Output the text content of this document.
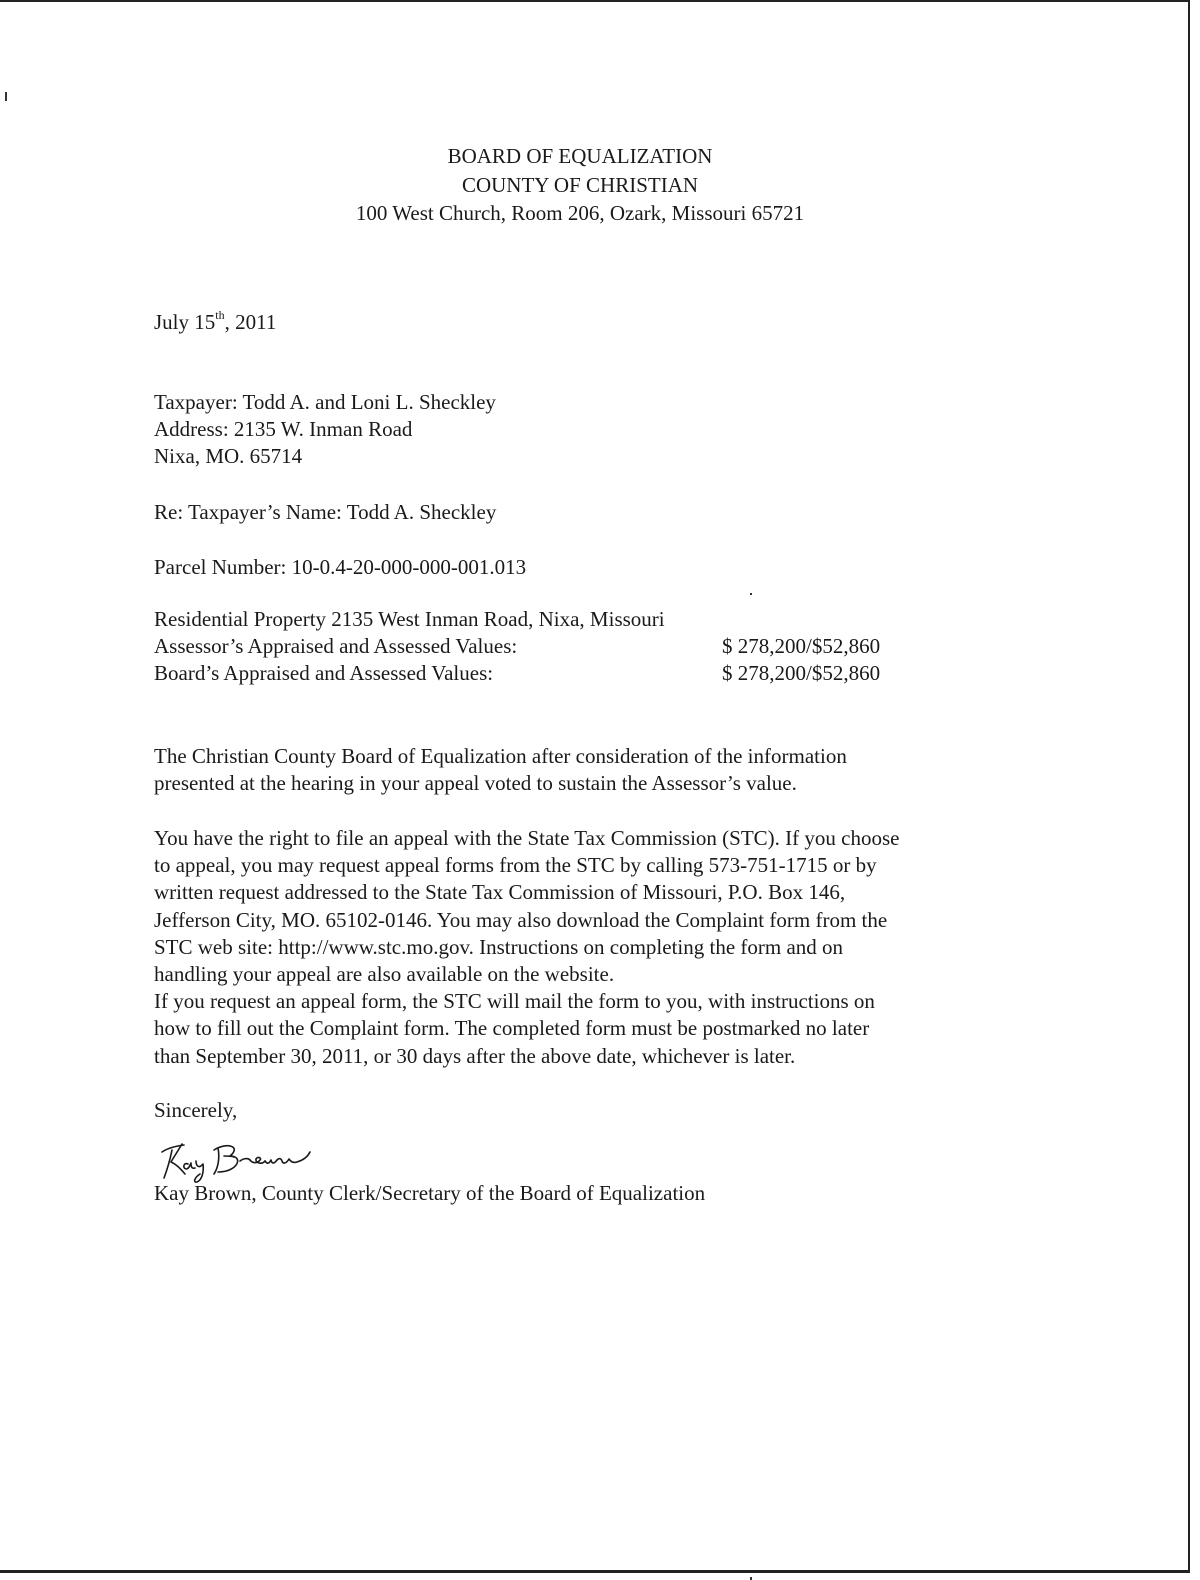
BOARD OF EQUALIZATION
COUNTY OF CHRISTIAN
100 West Church, Room 206, Ozark, Missouri 65721
July 15th, 2011
Taxpayer: Todd A. and Loni L. Sheckley
Address: 2135 W. Inman Road
Nixa, MO. 65714
Re: Taxpayer’s Name: Todd A. Sheckley
Parcel Number: 10-0.4-20-000-000-001.013
Residential Property 2135 West Inman Road, Nixa, Missouri
Assessor’s Appraised and Assessed Values:	$ 278,200/$52,860
Board’s Appraised and Assessed Values:	$ 278,200/$52,860
The Christian County Board of Equalization after consideration of the information
presented at the hearing in your appeal voted to sustain the Assessor’s value.
You have the right to file an appeal with the State Tax Commission (STC). If you choose
to appeal, you may request appeal forms from the STC by calling 573-751-1715 or by
written request addressed to the State Tax Commission of Missouri, P.O. Box 146,
Jefferson City, MO. 65102-0146. You may also download the Complaint form from the
STC web site: http://www.stc.mo.gov. Instructions on completing the form and on
handling your appeal are also available on the website.
If you request an appeal form, the STC will mail the form to you, with instructions on
how to fill out the Complaint form. The completed form must be postmarked no later
than September 30, 2011, or 30 days after the above date, whichever is later.
Sincerely,
Kay Brown, County Clerk/Secretary of the Board of Equalization
